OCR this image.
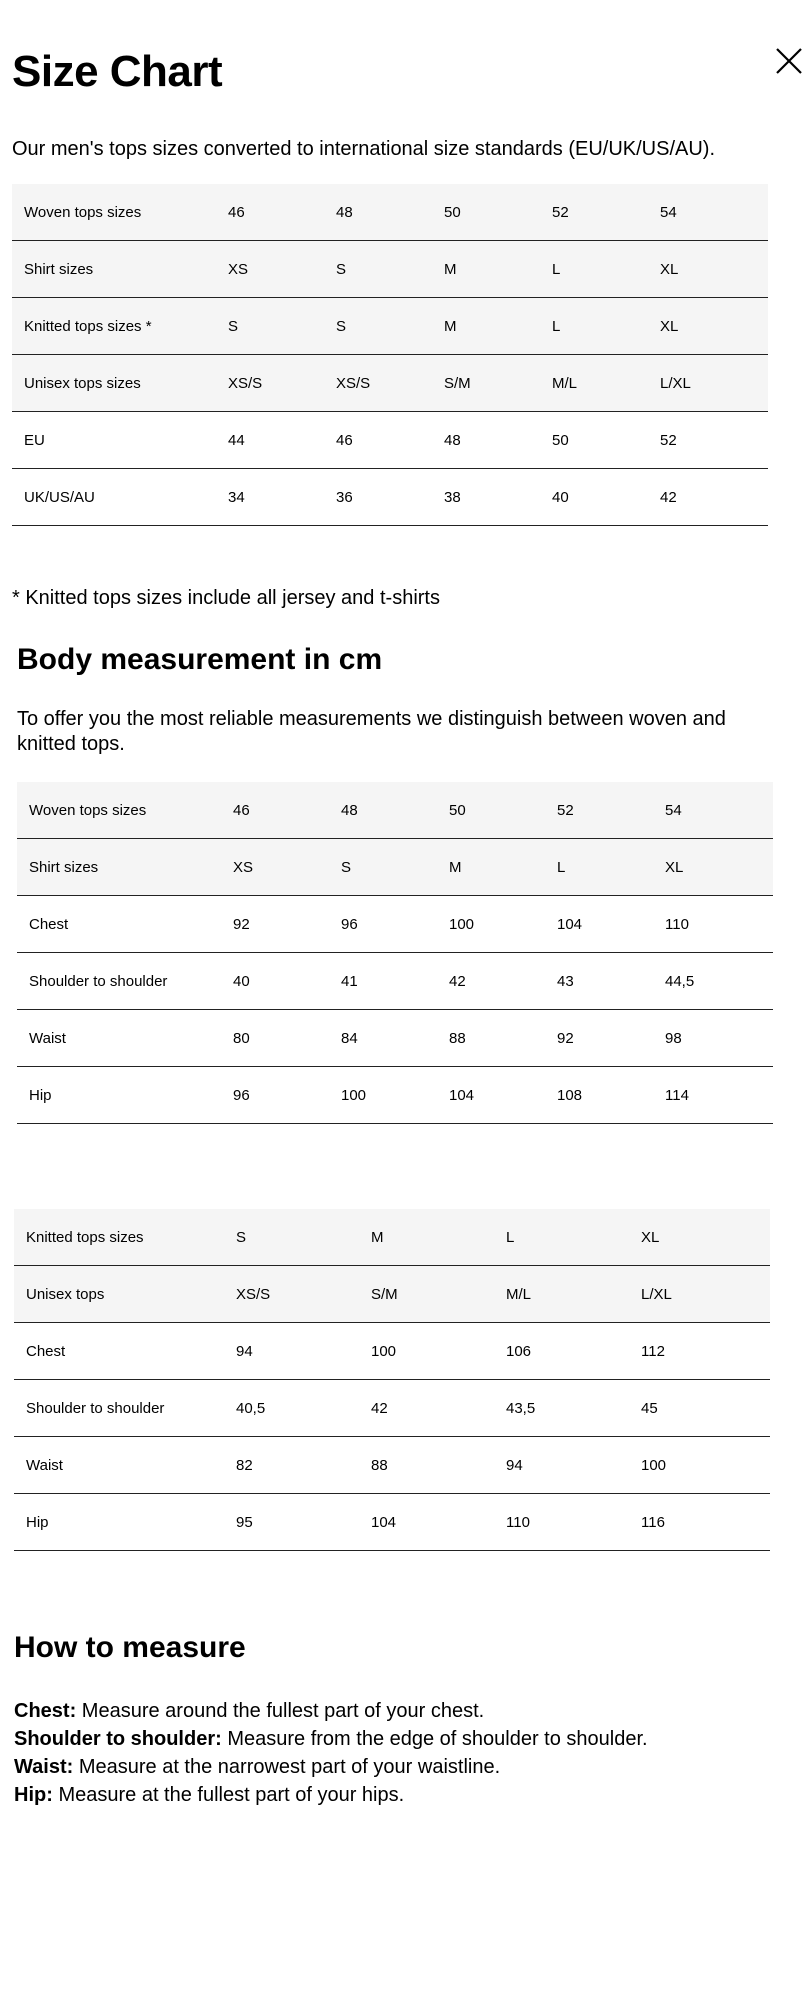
Size Chart

Our men's tops sizes converted to international size standards (EU/UK/US/AU).

Woven tops sizes	46	48	50	52	54
Shirt sizes	XS	S	M	L	XL
Knitted tops sizes *	S	S	M	L	XL
Unisex tops sizes	XS/S	XS/S	S/M	M/L	L/XL
EU	44	46	48	50	52
UK/US/AU	34	36	38	40	42

* Knitted tops sizes include all jersey and t-shirts

Body measurement in cm

To offer you the most reliable measurements we distinguish between woven and knitted tops.

Woven tops sizes	46	48	50	52	54
Shirt sizes	XS	S	M	L	XL
Chest	92	96	100	104	110
Shoulder to shoulder	40	41	42	43	44,5
Waist	80	84	88	92	98
Hip	96	100	104	108	114
Knitted tops sizes	S	M	L	XL
Unisex tops	XS/S	S/M	M/L	L/XL
Chest	94	100	106	112
Shoulder to shoulder	40,5	42	43,5	45
Waist	82	88	94	100
Hip	95	104	110	116
How to measure

Chest: Measure around the fullest part of your chest.

Shoulder to shoulder: Measure from the edge of shoulder to shoulder.

Waist: Measure at the narrowest part of your waistline.

Hip: Measure at the fullest part of your hips.
